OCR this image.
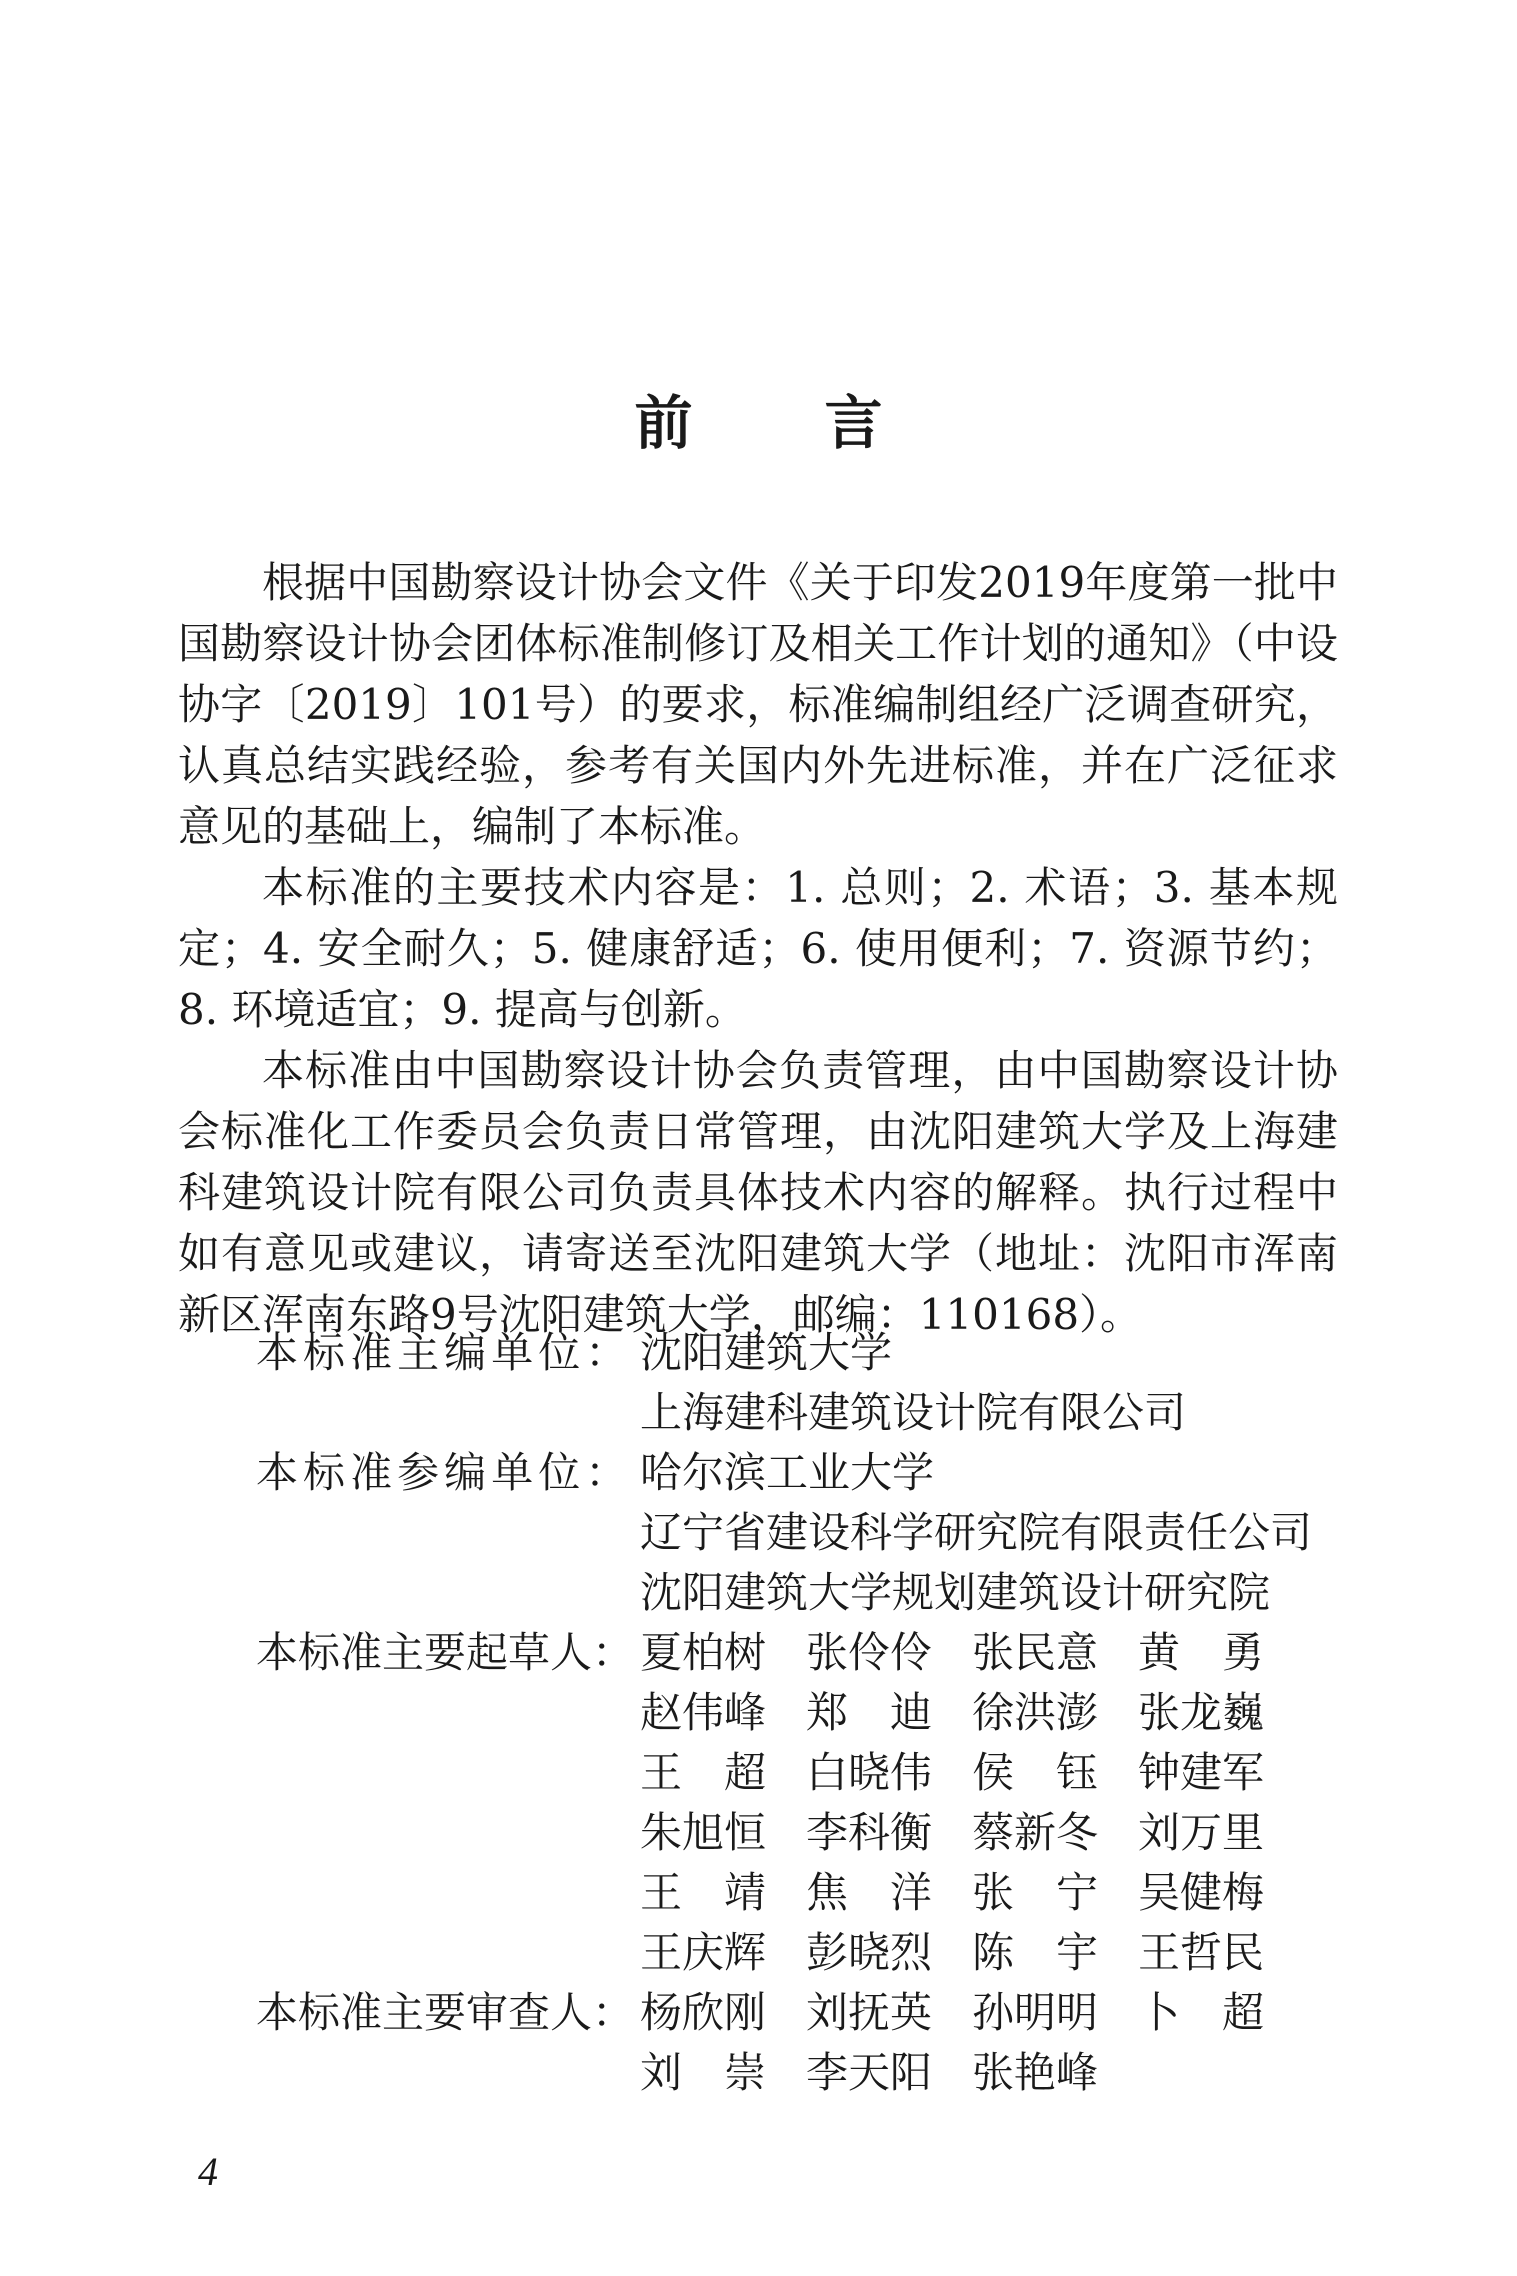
前 言

根据中国勘察设计协会文件《关于印发2019年度第一批中国勘察设计协会团体标准制修订及相关工作计划的通知》（中设协字〔2019〕101号）的要求，标准编制组经广泛调查研究，认真总结实践经验，参考有关国内外先进标准，并在广泛征求意见的基础上，编制了本标准。

本标准的主要技术内容是：1. 总则；2. 术语；3. 基本规定；4. 安全耐久；5. 健康舒适；6. 使用便利；7. 资源节约；8. 环境适宜；9. 提高与创新。

本标准由中国勘察设计协会负责管理，由中国勘察设计协会标准化工作委员会负责日常管理，由沈阳建筑大学及上海建科建筑设计院有限公司负责具体技术内容的解释。执行过程中如有意见或建议，请寄送至沈阳建筑大学（地址：沈阳市浑南新区浑南东路9号沈阳建筑大学，邮编：110168）。

本标准主编单位： 沈阳建筑大学
上海建科建筑设计院有限公司
本标准参编单位： 哈尔滨工业大学
辽宁省建设科学研究院有限责任公司
沈阳建筑大学规划建筑设计研究院
本标准主要起草人： 夏柏树 张伶伶 张民意 黄　勇
赵伟峰 郑　迪 徐洪澎 张龙巍
王　超 白晓伟 侯　钰 钟建军
朱旭恒 李科衡 蔡新冬 刘万里
王　靖 焦　洋 张　宁 吴健梅
王庆辉 彭晓烈 陈　宇 王哲民
本标准主要审查人： 杨欣刚 刘抚英 孙明明 卜　超
刘　崇 李天阳 张艳峰
4
